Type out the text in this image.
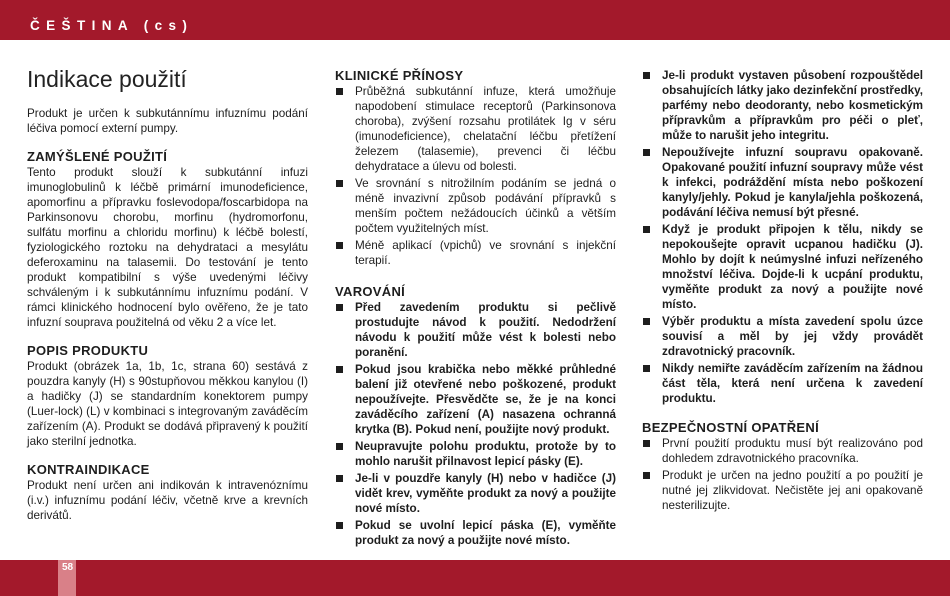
ČEŠTINA (cs)
Indikace použití

Produkt je určen k subkutánnímu infuznímu podání léčiva pomocí externí pumpy.

ZAMÝŠLENÉ POUŽITÍ

Tento produkt slouží k subkutánní infuzi imunoglobulinů k léčbě primární imunodeficience, apomorfinu a přípravku foslevodopa/foscarbidopa na Parkinsonovu chorobu, morfinu (hydromorfonu, sulfátu morfinu a chloridu morfinu) k léčbě bolestí, fyziologického roztoku na dehydrataci a mesylátu deferoxaminu na talasemii. Do testování je tento produkt kompatibilní s výše uvedenými léčivy schváleným i k subkutánnímu infuznímu podání. V rámci klinického hodnocení bylo ověřeno, že je tato infuzní souprava použitelná od věku 2 a více let.

POPIS PRODUKTU

Produkt (obrázek 1a, 1b, 1c, strana 60) sestává z pouzdra kanyly (H) s 90stupňovou měkkou kanylou (I) a hadičky (J) se standardním konektorem pumpy (Luer-lock) (L) v kombinaci s integrovaným zaváděcím zařízením (A). Produkt se dodává připravený k použití jako sterilní jednotka.

KONTRAINDIKACE

Produkt není určen ani indikován k intravenóznímu (i.v.) infuznímu podání léčiv, včetně krve a krevních derivátů.

KLINICKÉ PŘÍNOSY
Průběžná subkutánní infuze, která umožňuje napodobení stimulace receptorů (Parkinsonova choroba), zvýšení rozsahu protilátek Ig v séru (imunodeficience), chelatační léčbu přetížení železem (talasemie), prevenci či léčbu dehydratace a úlevu od bolesti.
Ve srovnání s nitrožilním podáním se jedná o méně invazivní způsob podávání přípravků s menším počtem nežádoucích účinků a větším počtem využitelných míst.
Méně aplikací (vpichů) ve srovnání s injekční terapií.
VAROVÁNÍ
Před zavedením produktu si pečlivě prostudujte návod k použití. Nedodržení návodu k použití může vést k bolesti nebo poranění.
Pokud jsou krabička nebo měkké průhledné balení již otevřené nebo poškozené, produkt nepoužívejte. Přesvědčte se, že je na konci zaváděcího zařízení (A) nasazena ochranná krytka (B). Pokud není, použijte nový produkt.
Neupravujte polohu produktu, protože by to mohlo narušit přilnavost lepicí pásky (E).
Je-li v pouzdře kanyly (H) nebo v hadičce (J) vidět krev, vyměňte produkt za nový a použijte nové místo.
Pokud se uvolní lepicí páska (E), vyměňte produkt za nový a použijte nové místo.
Je-li produkt vystaven působení rozpouštědel obsahujících látky jako dezinfekční prostředky, parfémy nebo deodoranty, nebo kosmetickým přípravkům a přípravkům pro péči o pleť, může to narušit jeho integritu.
Nepoužívejte infuzní soupravu opakovaně. Opakované použití infuzní soupravy může vést k infekci, podráždění místa nebo poškození kanyly/jehly. Pokud je kanyla/jehla poškozená, podávání léčiva nemusí být přesné.
Když je produkt připojen k tělu, nikdy se nepokoušejte opravit ucpanou hadičku (J). Mohlo by dojít k neúmyslné infuzi neřízeného množství léčiva. Dojde-li k ucpání produktu, vyměňte produkt za nový a použijte nové místo.
Výběr produktu a místa zavedení spolu úzce souvisí a měl by jej vždy provádět zdravotnický pracovník.
Nikdy nemiřte zaváděcím zařízením na žádnou část těla, která není určena k zavedení produktu.
BEZPEČNOSTNÍ OPATŘENÍ
První použití produktu musí být realizováno pod dohledem zdravotnického pracovníka.
Produkt je určen na jedno použití a po použití je nutné jej zlikvidovat. Nečistěte jej ani opakovaně nesterilizujte.
58
